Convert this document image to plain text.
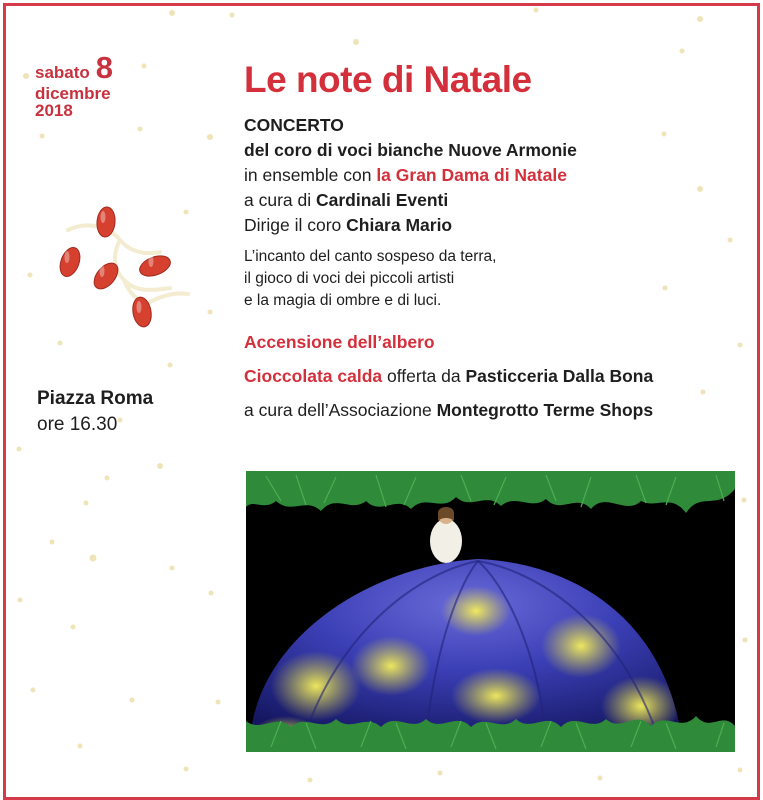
sabato 8
dicembre
2018
Piazza Roma
ore 16.30
Le note di Natale
CONCERTO
del coro di voci bianche Nuove Armonie
in ensemble con la Gran Dama di Natale
a cura di Cardinali Eventi
Dirige il coro Chiara Mario
L’incanto del canto sospeso da terra,
il gioco di voci dei piccoli artisti
e la magia di ombre e di luci.
Accensione dell’albero
Cioccolata calda offerta da Pasticceria Dalla Bona
a cura dell’Associazione Montegrotto Terme Shops
